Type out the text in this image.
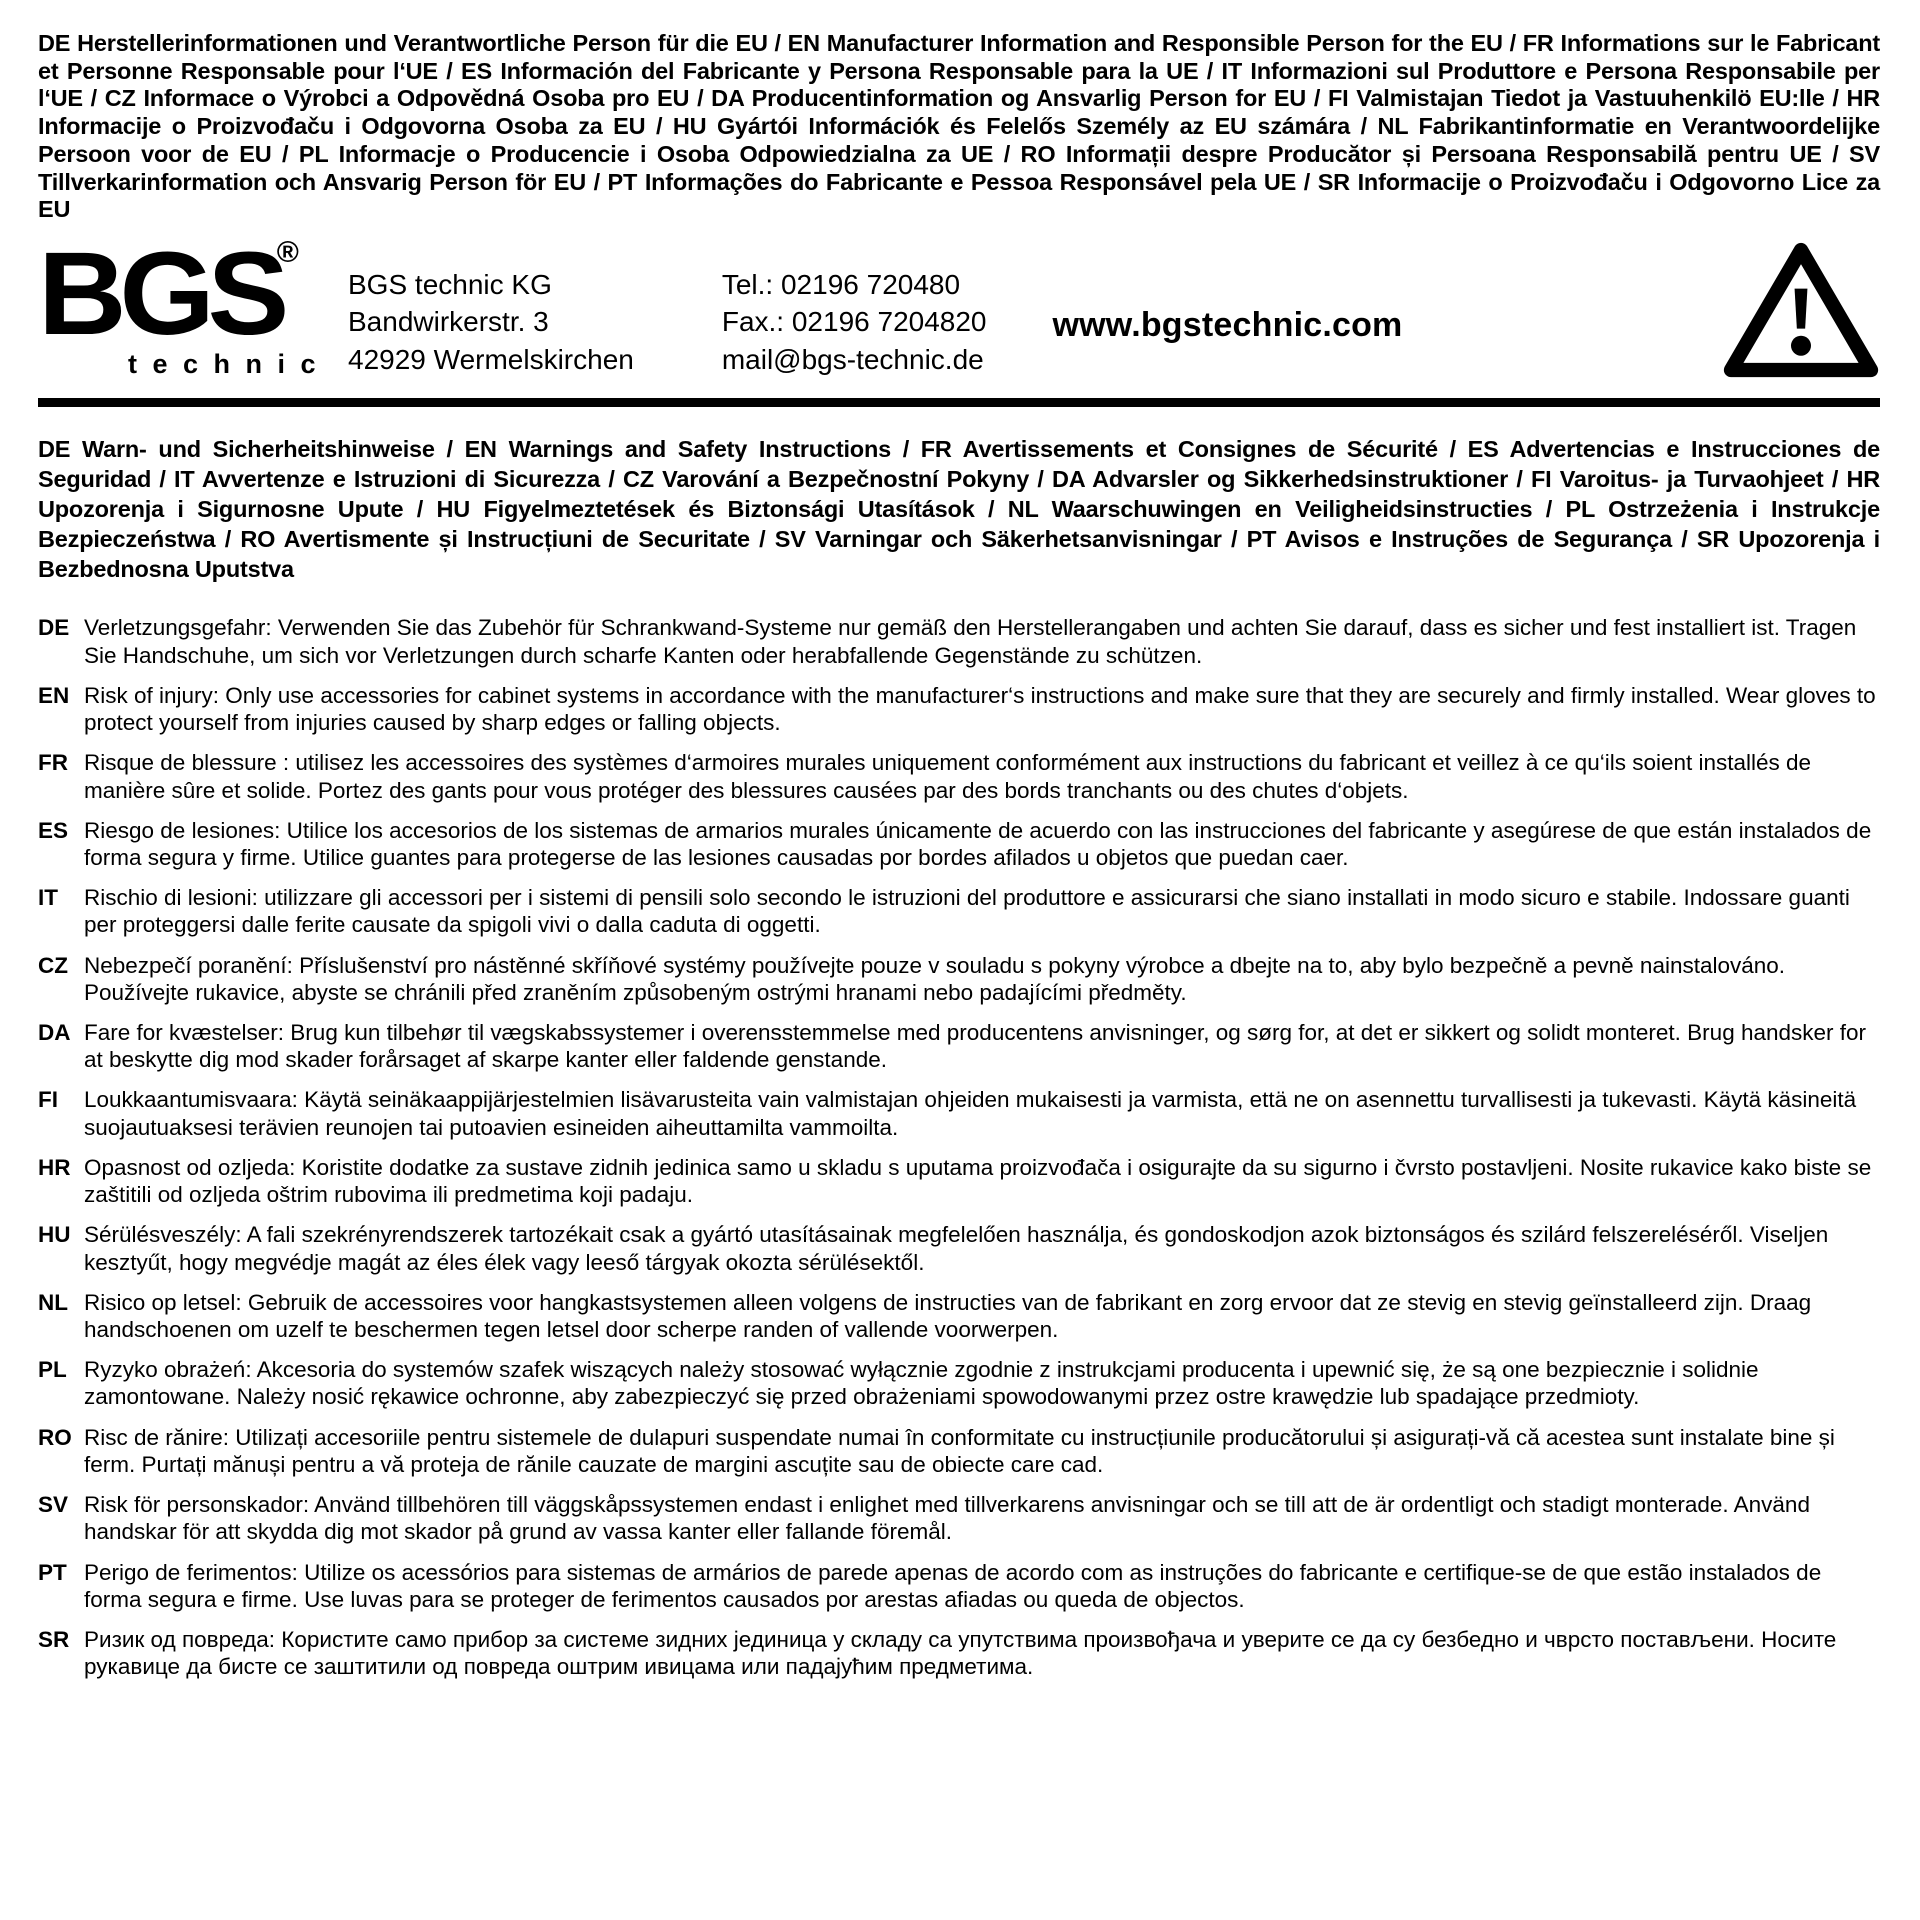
DE Herstellerinformationen und Verantwortliche Person für die EU / EN Manufacturer Information and Responsible Person for the EU / FR Informations sur le Fabricant et Personne Responsable pour l‘UE / ES Información del Fabricante y Persona Responsable para la UE / IT Informazioni sul Produttore e Persona Responsabile per l‘UE / CZ Informace o Výrobci a Odpovědná Osoba pro EU / DA Producentinformation og Ansvarlig Person for EU / FI Valmistajan Tiedot ja Vastuuhenkilö EU:lle / HR Informacije o Proizvođaču i Odgovorna Osoba za EU / HU Gyártói Információk és Felelős Személy az EU számára / NL Fabrikantinformatie en Verantwoordelijke Persoon voor de EU / PL Informacje o Producencie i Osoba Odpowiedzialna za UE / RO Informații despre Producător și Persoana Responsabilă pentru UE / SV Tillverkarinformation och Ansvarig Person för EU / PT Informações do Fabricante e Pessoa Responsável pela UE / SR Informacije o Proizvođaču i Odgovorno Lice za EU

BGS®
technic
BGS technic KG
Bandwirkerstr. 3
42929 Wermelskirchen
Tel.: 02196 720480
Fax.: 02196 7204820
mail@bgs-technic.de
www.bgstechnic.com

DE Warn- und Sicherheitshinweise / EN Warnings and Safety Instructions / FR Avertissements et Consignes de Sécurité / ES Advertencias e Instrucciones de Seguridad / IT Avvertenze e Istruzioni di Sicurezza / CZ Varování a Bezpečnostní Pokyny / DA Advarsler og Sikkerhedsinstruktioner / FI Varoitus- ja Turvaohjeet / HR Upozorenja i Sigurnosne Upute / HU Figyelmeztetések és Biztonsági Utasítások / NL Waarschuwingen en Veiligheidsinstructies / PL Ostrzeżenia i Instrukcje Bezpieczeństwa / RO Avertismente și Instrucțiuni de Securitate / SV Varningar och Säkerhetsanvisningar / PT Avisos e Instruções de Segurança / SR Upozorenja i Bezbednosna Uputstva

DE Verletzungsgefahr: Verwenden Sie das Zubehör für Schrankwand-Systeme nur gemäß den Herstellerangaben und achten Sie darauf, dass es sicher und fest installiert ist. Tragen Sie Handschuhe, um sich vor Verletzungen durch scharfe Kanten oder herabfallende Gegenstände zu schützen.
EN Risk of injury: Only use accessories for cabinet systems in accordance with the manufacturer‘s instructions and make sure that they are securely and firmly installed. Wear gloves to protect yourself from injuries caused by sharp edges or falling objects.
FR Risque de blessure : utilisez les accessoires des systèmes d‘armoires murales uniquement conformément aux instructions du fabricant et veillez à ce qu‘ils soient installés de manière sûre et solide. Portez des gants pour vous protéger des blessures causées par des bords tranchants ou des chutes d‘objets.
ES Riesgo de lesiones: Utilice los accesorios de los sistemas de armarios murales únicamente de acuerdo con las instrucciones del fabricante y asegúrese de que están instalados de forma segura y firme. Utilice guantes para protegerse de las lesiones causadas por bordes afilados u objetos que puedan caer.
IT	Rischio di lesioni: utilizzare gli accessori per i sistemi di pensili solo secondo le istruzioni del produttore e assicurarsi che siano installati in modo sicuro e stabile. Indossare guanti per proteggersi dalle ferite causate da spigoli vivi o dalla caduta di oggetti.
CZ Nebezpečí poranění: Příslušenství pro nástěnné skříňové systémy používejte pouze v souladu s pokyny výrobce a dbejte na to, aby bylo bezpečně a pevně nainstalováno. Používejte rukavice, abyste se chránili před zraněním způsobeným ostrými hranami nebo padajícími předměty.
DA Fare for kvæstelser: Brug kun tilbehør til vægskabssystemer i overensstemmelse med producentens anvisninger, og sørg for, at det er sikkert og solidt monteret. Brug handsker for at beskytte dig mod skader forårsaget af skarpe kanter eller faldende genstande.
FI	Loukkaantumisvaara: Käytä seinäkaappijärjestelmien lisävarusteita vain valmistajan ohjeiden mukaisesti ja varmista, että ne on asennettu turvallisesti ja tukevasti. Käytä käsineitä suojautuaksesi terävien reunojen tai putoavien esineiden aiheuttamilta vammoilta.
HR Opasnost od ozljeda: Koristite dodatke za sustave zidnih jedinica samo u skladu s uputama proizvođača i osigurajte da su sigurno i čvrsto postavljeni. Nosite rukavice kako biste se zaštitili od ozljeda oštrim rubovima ili predmetima koji padaju.
HU Sérülésveszély: A fali szekrényrendszerek tartozékait csak a gyártó utasításainak megfelelően használja, és gondoskodjon azok biztonságos és szilárd felszereléséről. Viseljen kesztyűt, hogy megvédje magát az éles élek vagy leeső tárgyak okozta sérülésektől.
NL Risico op letsel: Gebruik de accessoires voor hangkastsystemen alleen volgens de instructies van de fabrikant en zorg ervoor dat ze stevig en stevig geïnstalleerd zijn. Draag handschoenen om uzelf te beschermen tegen letsel door scherpe randen of vallende voorwerpen.
PL Ryzyko obrażeń: Akcesoria do systemów szafek wiszących należy stosować wyłącznie zgodnie z instrukcjami producenta i upewnić się, że są one bezpiecznie i solidnie zamontowane. Należy nosić rękawice ochronne, aby zabezpieczyć się przed obrażeniami spowodowanymi przez ostre krawędzie lub spadające przedmioty.
RO Risc de rănire: Utilizați accesoriile pentru sistemele de dulapuri suspendate numai în conformitate cu instrucțiunile producătorului și asigurați-vă că acestea sunt instalate bine și ferm. Purtați mănuși pentru a vă proteja de rănile cauzate de margini ascuțite sau de obiecte care cad.
SV Risk för personskador: Använd tillbehören till väggskåpssystemen endast i enlighet med tillverkarens anvisningar och se till att de är ordentligt och stadigt monterade. Använd handskar för att skydda dig mot skador på grund av vassa kanter eller fallande föremål.
PT Perigo de ferimentos: Utilize os acessórios para sistemas de armários de parede apenas de acordo com as instruções do fabricante e certifique-se de que estão instalados de forma segura e firme. Use luvas para se proteger de ferimentos causados por arestas afiadas ou queda de objectos.
SR Ризик од повреда: Користите само прибор за системе зидних јединица у складу са упутствима произвођача и уверите се да су безбедно и чврсто постављени. Носите рукавице да бисте се заштитили од повреда оштрим ивицама или падајућим предметима.
